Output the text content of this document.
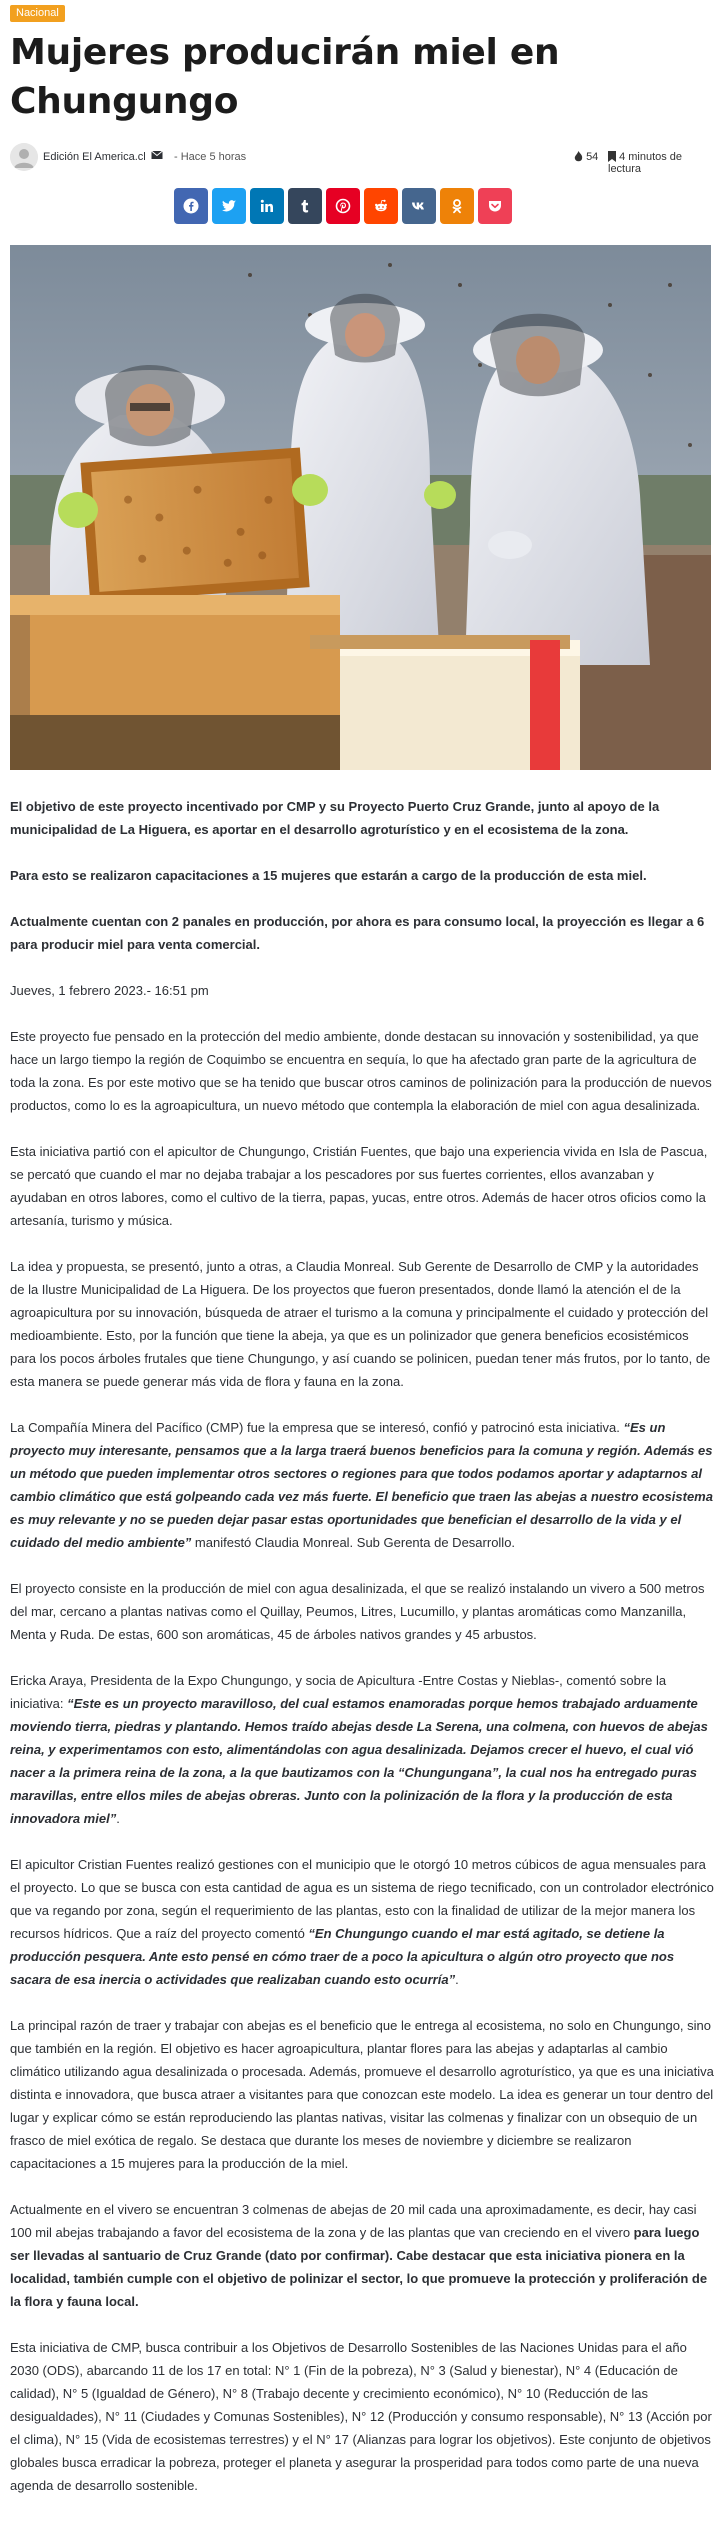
Nacional
Mujeres producirán miel en Chungungo
Edición El America.cl	- Hace 5 horas	54	4 minutos de lectura

El objetivo de este proyecto incentivado por CMP y su Proyecto Puerto Cruz Grande, junto al apoyo de la municipalidad de La Higuera, es aportar en el desarrollo agroturístico y en el ecosistema de la zona.

Para esto se realizaron capacitaciones a 15 mujeres que estarán a cargo de la producción de esta miel.

Actualmente cuentan con 2 panales en producción, por ahora es para consumo local, la proyección es llegar a 6 para producir miel para venta comercial.

Jueves, 1 febrero 2023.- 16:51 pm

Este proyecto fue pensado en la protección del medio ambiente, donde destacan su innovación y sostenibilidad, ya que hace un largo tiempo la región de Coquimbo se encuentra en sequía, lo que ha afectado gran parte de la agricultura de toda la zona. Es por este motivo que se ha tenido que buscar otros caminos de polinización para la producción de nuevos productos, como lo es la agroapicultura, un nuevo método que contempla la elaboración de miel con agua desalinizada.

Esta iniciativa partió con el apicultor de Chungungo, Cristián Fuentes, que bajo una experiencia vivida en Isla de Pascua, se percató que cuando el mar no dejaba trabajar a los pescadores por sus fuertes corrientes, ellos avanzaban y ayudaban en otros labores, como el cultivo de la tierra, papas, yucas, entre otros. Además de hacer otros oficios como la artesanía, turismo y música.

La idea y propuesta, se presentó, junto a otras, a Claudia Monreal. Sub Gerente de Desarrollo de CMP y la autoridades de la Ilustre Municipalidad de La Higuera. De los proyectos que fueron presentados, donde llamó la atención el de la agroapicultura por su innovación, búsqueda de atraer el turismo a la comuna y principalmente el cuidado y protección del medioambiente. Esto, por la función que tiene la abeja, ya que es un polinizador que genera beneficios ecosistémicos para los pocos árboles frutales que tiene Chungungo, y así cuando se polinicen, puedan tener más frutos, por lo tanto, de esta manera se puede generar más vida de flora y fauna en la zona.

La Compañía Minera del Pacífico (CMP) fue la empresa que se interesó, confió y patrocinó esta iniciativa. “Es un proyecto muy interesante, pensamos que a la larga traerá buenos beneficios para la comuna y región. Además es un método que pueden implementar otros sectores o regiones para que todos podamos aportar y adaptarnos al cambio climático que está golpeando cada vez más fuerte. El beneficio que traen las abejas a nuestro ecosistema es muy relevante y no se pueden dejar pasar estas oportunidades que benefician el desarrollo de la vida y el cuidado del medio ambiente” manifestó Claudia Monreal. Sub Gerenta de Desarrollo.

El proyecto consiste en la producción de miel con agua desalinizada, el que se realizó instalando un vivero a 500 metros del mar, cercano a plantas nativas como el Quillay, Peumos, Litres, Lucumillo, y plantas aromáticas como Manzanilla, Menta y Ruda. De estas, 600 son aromáticas, 45 de árboles nativos grandes y 45 arbustos.

Ericka Araya, Presidenta de la Expo Chungungo, y socia de Apicultura -Entre Costas y Nieblas-, comentó sobre la iniciativa: “Este es un proyecto maravilloso, del cual estamos enamoradas porque hemos trabajado arduamente moviendo tierra, piedras y plantando. Hemos traído abejas desde La Serena, una colmena, con huevos de abejas reina, y experimentamos con esto, alimentándolas con agua desalinizada. Dejamos crecer el huevo, el cual vió nacer a la primera reina de la zona, a la que bautizamos con la “Chungungana”, la cual nos ha entregado puras maravillas, entre ellos miles de abejas obreras. Junto con la polinización de la flora y la producción de esta innovadora miel”.

El apicultor Cristian Fuentes realizó gestiones con el municipio que le otorgó 10 metros cúbicos de agua mensuales para el proyecto. Lo que se busca con esta cantidad de agua es un sistema de riego tecnificado, con un controlador electrónico que va regando por zona, según el requerimiento de las plantas, esto con la finalidad de utilizar de la mejor manera los recursos hídricos. Que a raíz del proyecto comentó “En Chungungo cuando el mar está agitado, se detiene la producción pesquera. Ante esto pensé en cómo traer de a poco la apicultura o algún otro proyecto que nos sacara de esa inercia o actividades que realizaban cuando esto ocurría”.

La principal razón de traer y trabajar con abejas es el beneficio que le entrega al ecosistema, no solo en Chungungo, sino que también en la región. El objetivo es hacer agroapicultura, plantar flores para las abejas y adaptarlas al cambio climático utilizando agua desalinizada o procesada. Además, promueve el desarrollo agroturístico, ya que es una iniciativa distinta e innovadora, que busca atraer a visitantes para que conozcan este modelo. La idea es generar un tour dentro del lugar y explicar cómo se están reproduciendo las plantas nativas, visitar las colmenas y finalizar con un obsequio de un frasco de miel exótica de regalo. Se destaca que durante los meses de noviembre y diciembre se realizaron capacitaciones a 15 mujeres para la producción de la miel.

Actualmente en el vivero se encuentran 3 colmenas de abejas de 20 mil cada una aproximadamente, es decir, hay casi 100 mil abejas trabajando a favor del ecosistema de la zona y de las plantas que van creciendo en el vivero para luego ser llevadas al santuario de Cruz Grande (dato por confirmar). Cabe destacar que esta iniciativa pionera en la localidad, también cumple con el objetivo de polinizar el sector, lo que promueve la protección y proliferación de la flora y fauna local.

Esta iniciativa de CMP, busca contribuir a los Objetivos de Desarrollo Sostenibles de las Naciones Unidas para el año 2030 (ODS), abarcando 11 de los 17 en total: N° 1 (Fin de la pobreza), N° 3 (Salud y bienestar), N° 4 (Educación de calidad), N° 5 (Igualdad de Género), N° 8 (Trabajo decente y crecimiento económico), N° 10 (Reducción de las desigualdades), N° 11 (Ciudades y Comunas Sostenibles), N° 12 (Producción y consumo responsable), N° 13 (Acción por el clima), N° 15 (Vida de ecosistemas terrestres) y el N° 17 (Alianzas para lograr los objetivos). Este conjunto de objetivos globales busca erradicar la pobreza, proteger el planeta y asegurar la prosperidad para todos como parte de una nueva agenda de desarrollo sostenible.
